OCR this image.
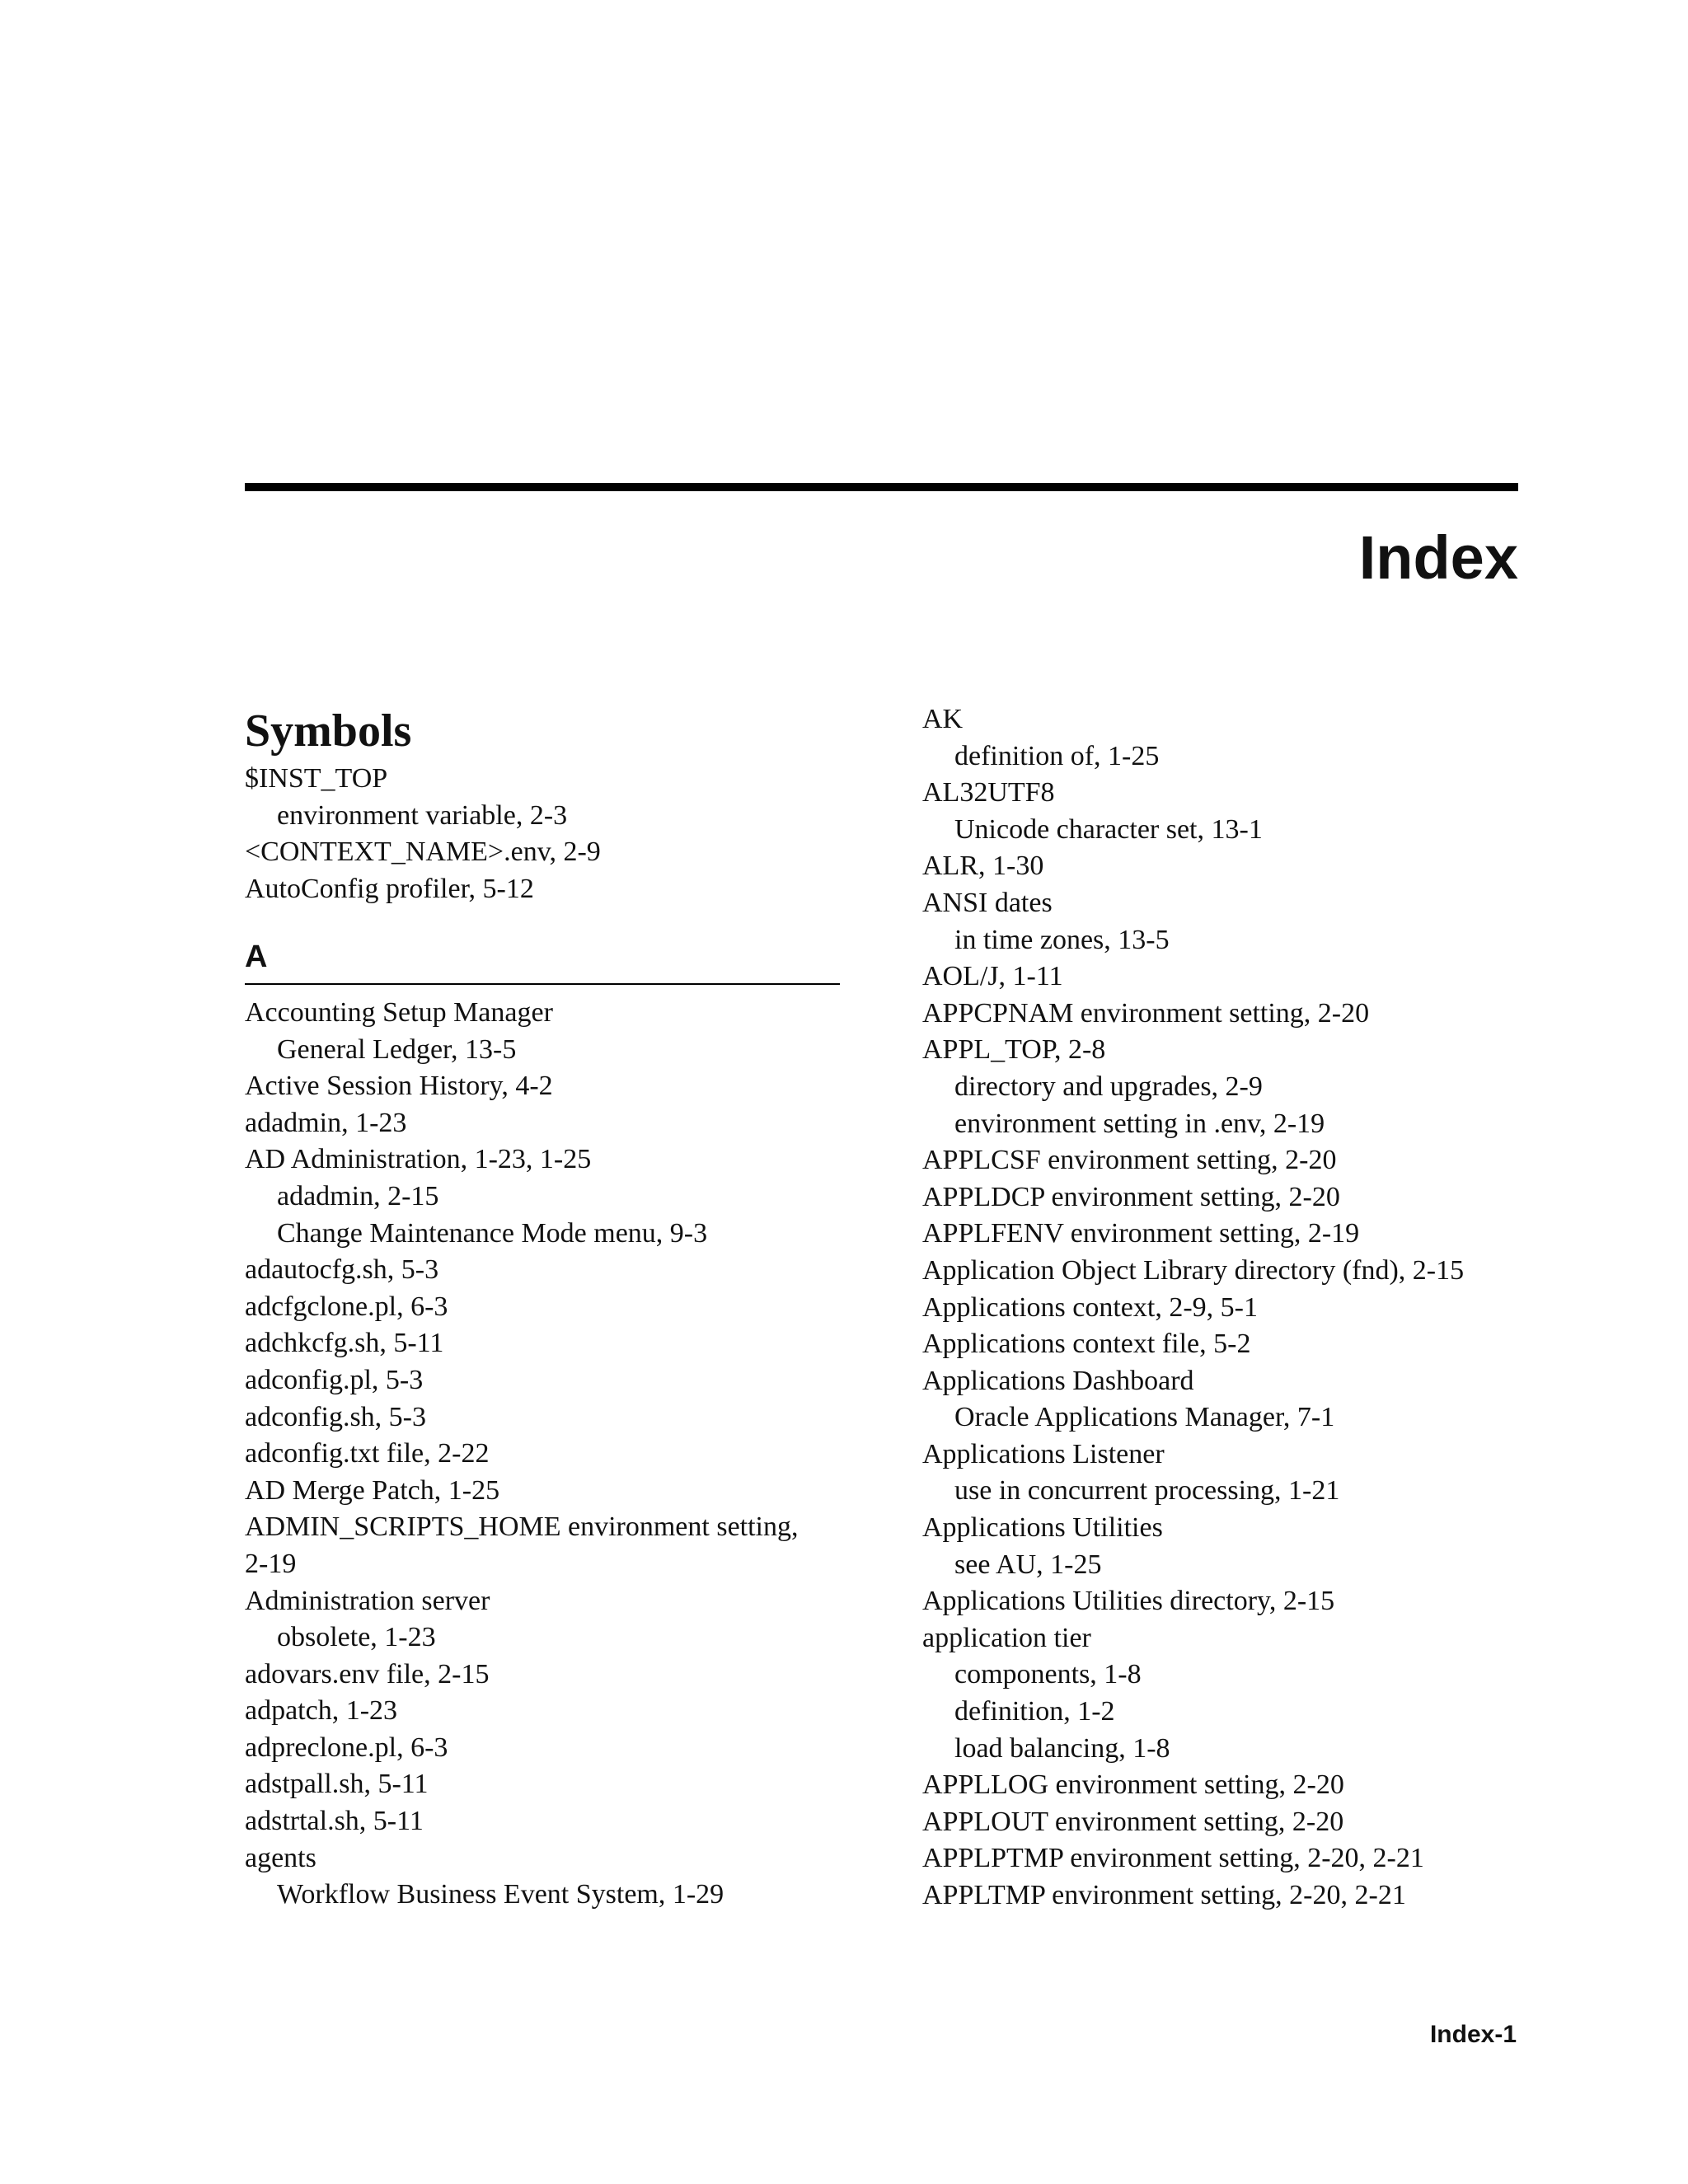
Index
Symbols
$INST_TOP
environment variable, 2-3
<CONTEXT_NAME>.env, 2-9
AutoConfig profiler, 5-12
A
Accounting Setup Manager
General Ledger, 13-5
Active Session History, 4-2
adadmin, 1-23
AD Administration, 1-23, 1-25
adadmin, 2-15
Change Maintenance Mode menu, 9-3
adautocfg.sh, 5-3
adcfgclone.pl, 6-3
adchkcfg.sh, 5-11
adconfig.pl, 5-3
adconfig.sh, 5-3
adconfig.txt file, 2-22
AD Merge Patch, 1-25
ADMIN_SCRIPTS_HOME environment setting,
2-19
Administration server
obsolete, 1-23
adovars.env file, 2-15
adpatch, 1-23
adpreclone.pl, 6-3
adstpall.sh, 5-11
adstrtal.sh, 5-11
agents
Workflow Business Event System, 1-29
AK
definition of, 1-25
AL32UTF8
Unicode character set, 13-1
ALR, 1-30
ANSI dates
in time zones, 13-5
AOL/J, 1-11
APPCPNAM environment setting, 2-20
APPL_TOP, 2-8
directory and upgrades, 2-9
environment setting in .env, 2-19
APPLCSF environment setting, 2-20
APPLDCP environment setting, 2-20
APPLFENV environment setting, 2-19
Application Object Library directory (fnd), 2-15
Applications context, 2-9, 5-1
Applications context file, 5-2
Applications Dashboard
Oracle Applications Manager, 7-1
Applications Listener
use in concurrent processing, 1-21
Applications Utilities
see AU, 1-25
Applications Utilities directory, 2-15
application tier
components, 1-8
definition, 1-2
load balancing, 1-8
APPLLOG environment setting, 2-20
APPLOUT environment setting, 2-20
APPLPTMP environment setting, 2-20, 2-21
APPLTMP environment setting, 2-20, 2-21
Index-1
